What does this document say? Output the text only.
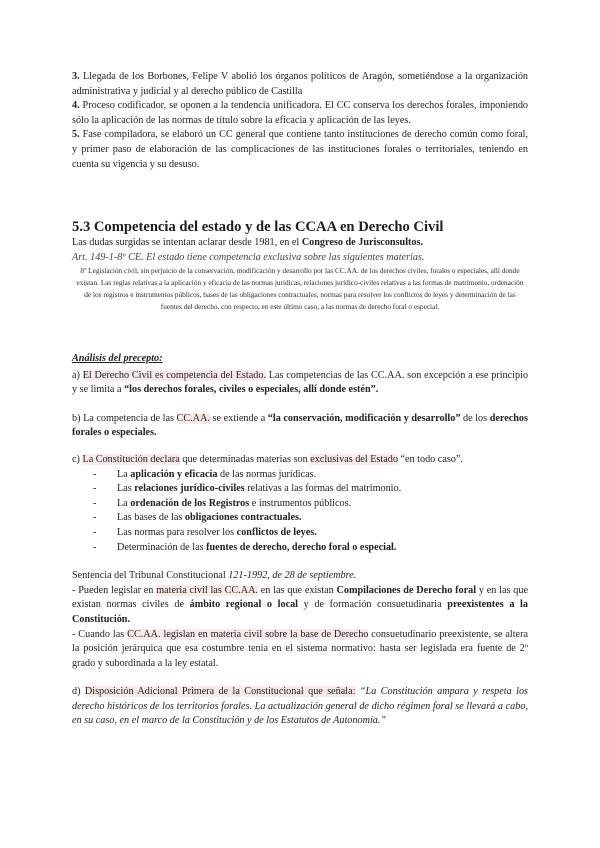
3. Llegada de los Borbones, Felipe V abolió los órganos políticos de Aragón, sometiéndose a la organización administrativa y judicial y al derecho público de Castilla

4. Proceso codificador, se oponen a la tendencia unificadora. El CC conserva los derechos forales, imponiendo sólo la aplicación de las normas de título sobre la eficacia y aplicación de las leyes.

5. Fase compiladora, se elaboró un CC general que contiene tanto instituciones de derecho común como foral, y primer paso de elaboración de las complicaciones de las instituciones forales o territoriales, teniendo en cuenta su vigencia y su desuso.

5.3 Competencia del estado y de las CCAA en Derecho Civil

Las dudas surgidas se intentan aclarar desde 1981, en el Congreso de Jurisconsultos.

Art. 149-1-8º CE. El estado tiene competencia exclusiva sobre las siguientes materias.

8º Legislación civil, sin perjuicio de la conservación, modificación y desarrollo por las CC.AA. de los derechos civiles, forales o especiales, allí donde existan. Las reglas relativas a la aplicación y eficacia de las normas jurídicas, relaciones jurídico-civiles relativas a las formas de matrimonio, ordenación de los registros e instrumentos públicos, bases de las obligaciones contractuales, normas para resolver los conflictos de leyes y determinación de las fuentes del derecho, con respecto, en este último caso, a las normas de derecho foral o especial.

Análisis del precepto:

a) El Derecho Civil es competencia del Estado. Las competencias de las CC.AA. son excepción a ese principio y se limita a “los derechos forales, civiles o especiales, allí donde estén”.

b) La competencia de las CC.AA. se extiende a “la conservación, modificación y desarrollo” de los derechos forales o especiales.

c) La Constitución declara que determinadas materias son exclusivas del Estado “en todo caso”.

- La aplicación y eficacia de las normas jurídicas.
- Las relaciones jurídico-civiles relativas a las formas del matrimonio.
- La ordenación de los Registros e instrumentos públicos.
- Las bases de las obligaciones contractuales.
- Las normas para resolver los conflictos de leyes.
- Determinación de las fuentes de derecho, derecho foral o especial.

Sentencia del Tribunal Constitucional 121-1992, de 28 de septiembre.

- Pueden legislar en materia civil las CC.AA. en las que existan Compilaciones de Derecho foral y en las que existan normas civiles de ámbito regional o local y de formación consuetudinaria preexistentes a la Constitución.

- Cuando las CC.AA. legislan en materia civil sobre la base de Derecho consuetudinario preexistente, se altera la posición jerárquica que esa costumbre tenía en el sistema normativo: hasta ser legislada era fuente de 2º grado y subordinada a la ley estatal.

d) Disposición Adicional Primera de la Constitucional que señala: “La Constitución ampara y respeta los derecho históricos de los territorios forales. La actualización general de dicho régimen foral se llevará a cabo, en su caso, en el marco de la Constitución y de los Estatutos de Autonomía.”
